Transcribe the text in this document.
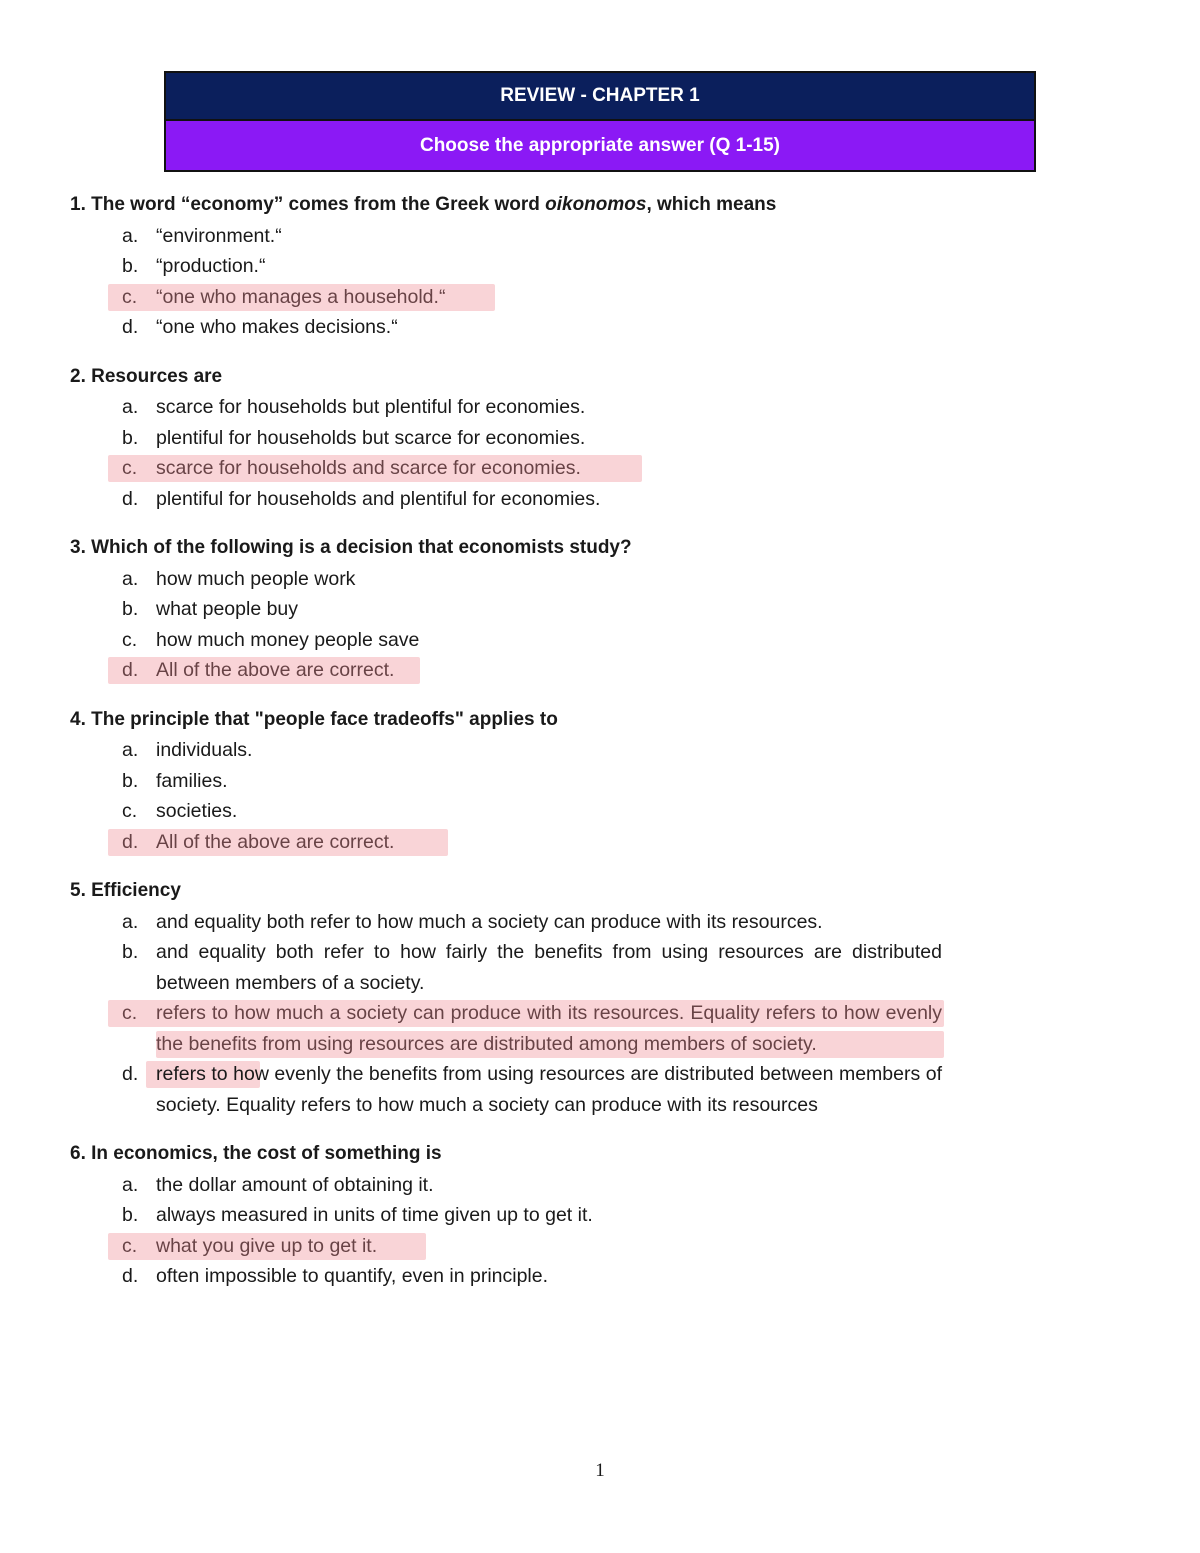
REVIEW - CHAPTER 1
Choose the appropriate answer (Q 1-15)
1. The word “economy” comes from the Greek word oikonomos, which means
a. “environment.“
b. “production.“
c. “one who manages a household.“
d. “one who makes decisions.“
2. Resources are
a. scarce for households but plentiful for economies.
b. plentiful for households but scarce for economies.
c. scarce for households and scarce for economies.
d. plentiful for households and plentiful for economies.
3. Which of the following is a decision that economists study?
a. how much people work
b. what people buy
c. how much money people save
d. All of the above are correct.
4. The principle that "people face tradeoffs" applies to
a. individuals.
b. families.
c. societies.
d. All of the above are correct.
5. Efficiency
a. and equality both refer to how much a society can produce with its resources.
b. and equality both refer to how fairly the benefits from using resources are distributed between members of a society.
c. refers to how much a society can produce with its resources. Equality refers to how evenly the benefits from using resources are distributed among members of society.
d. refers to how evenly the benefits from using resources are distributed between members of society. Equality refers to how much a society can produce with its resources
6. In economics, the cost of something is
a. the dollar amount of obtaining it.
b. always measured in units of time given up to get it.
c. what you give up to get it.
d. often impossible to quantify, even in principle.
1
